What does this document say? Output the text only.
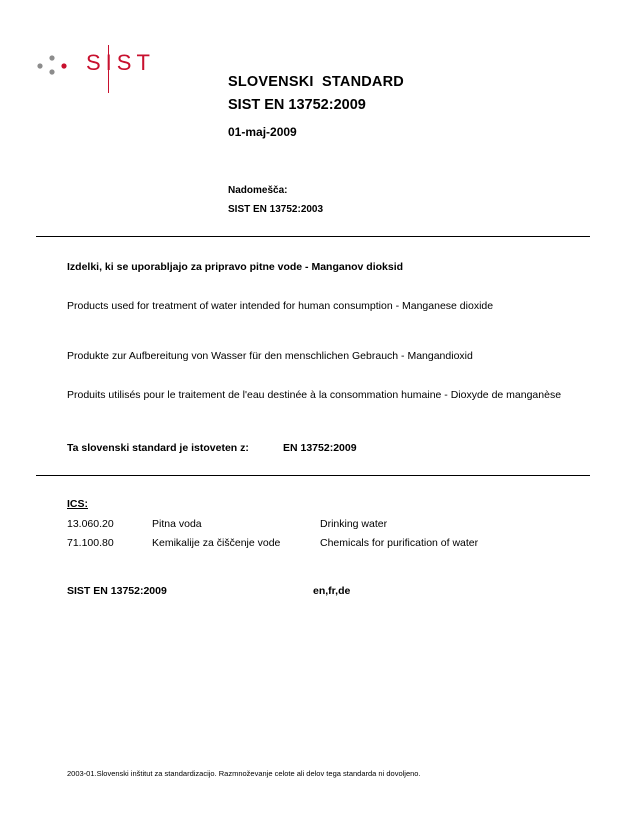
SIST
SLOVENSKI  STANDARD
SIST EN 13752:2009
01-maj-2009
Nadomešča:
SIST EN 13752:2003
Izdelki, ki se uporabljajo za pripravo pitne vode - Manganov dioksid
Products used for treatment of water intended for human consumption - Manganese dioxide
Produkte zur Aufbereitung von Wasser für den menschlichen Gebrauch - Mangandioxid
Produits utilisés pour le traitement de l'eau destinée à la consommation humaine - Dioxyde de manganèse
Ta slovenski standard je istoveten z:	EN 13752:2009
ICS:
13.060.20	Pitna voda	Drinking water
71.100.80	Kemikalije za čiščenje vode	Chemicals for purification of water
SIST EN 13752:2009	en,fr,de
2003-01.Slovenski inštitut za standardizacijo. Razmnoževanje celote ali delov tega standarda ni dovoljeno.
